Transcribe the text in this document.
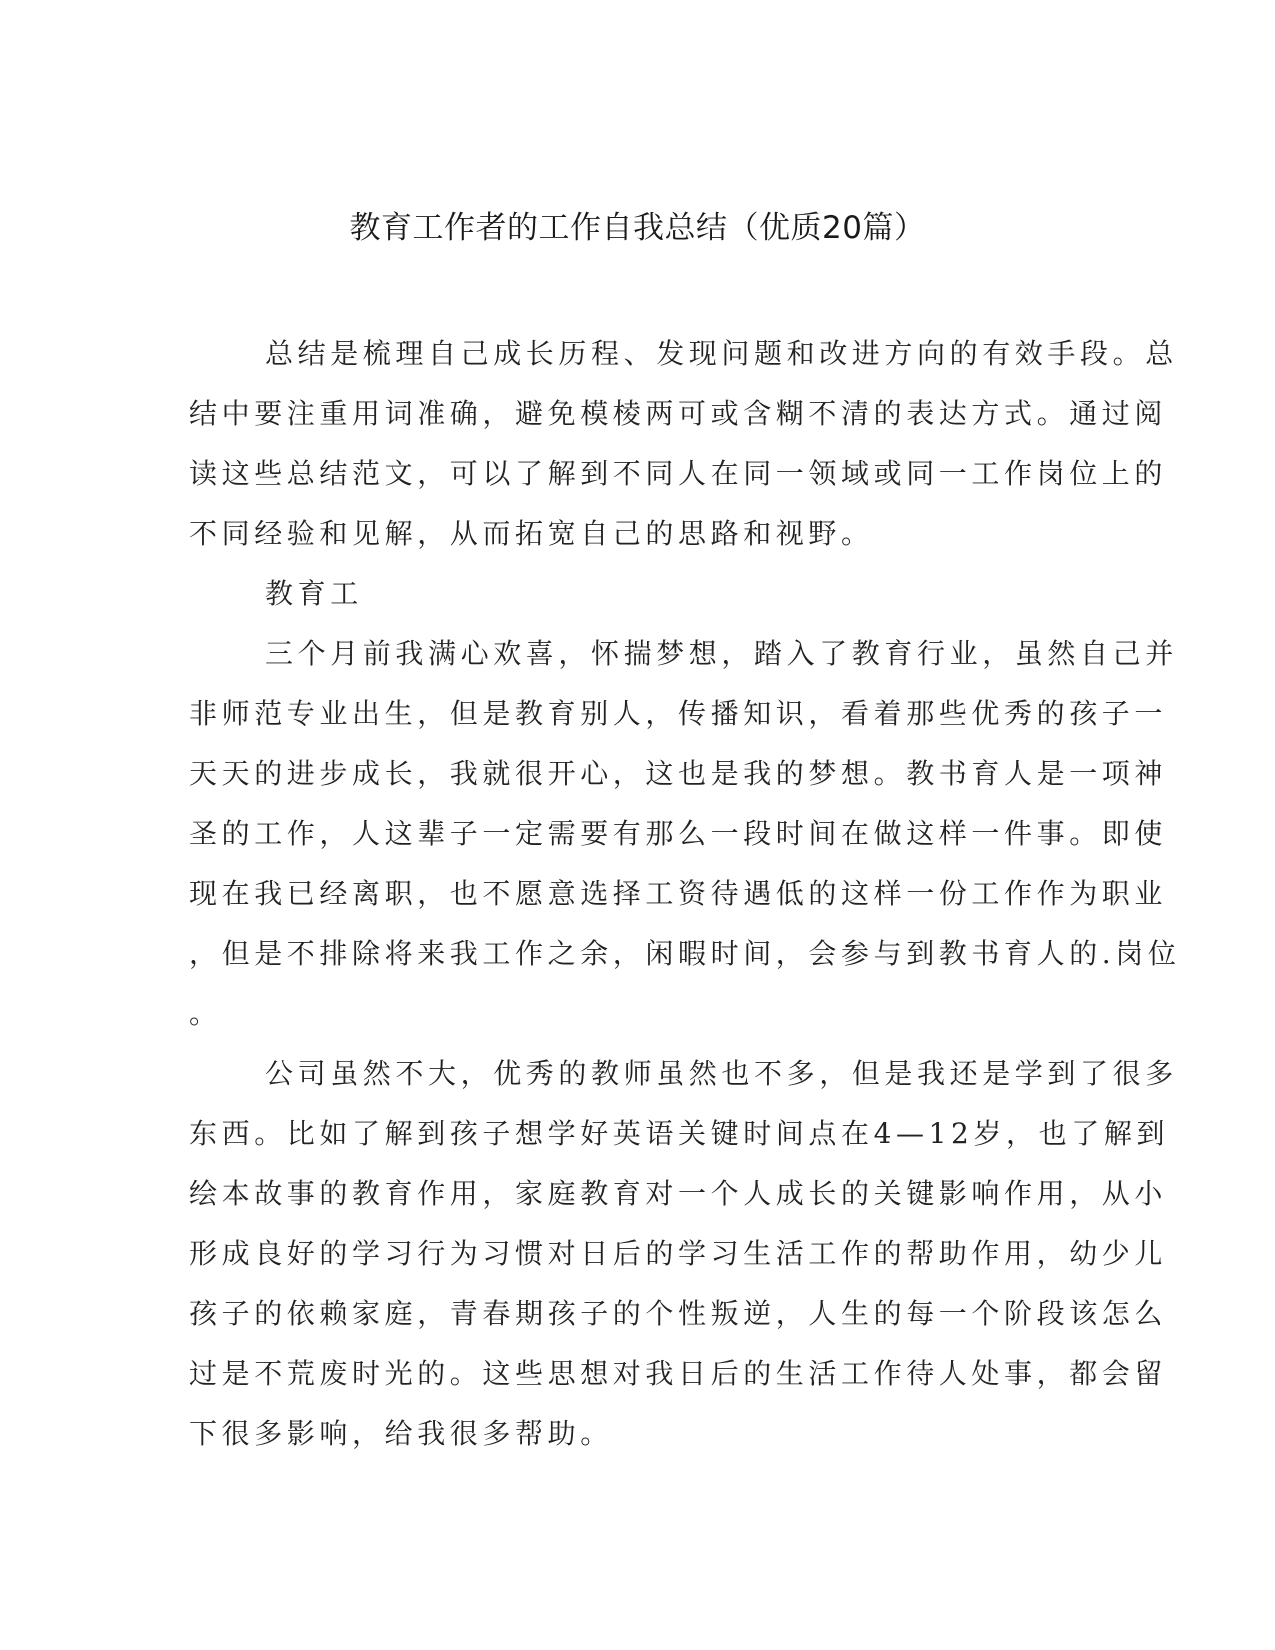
教育工作者的工作自我总结（优质20篇）
总结是梳理自己成长历程、发现问题和改进方向的有效手段。总
结中要注重用词准确，避免模棱两可或含糊不清的表达方式。通过阅
读这些总结范文，可以了解到不同人在同一领域或同一工作岗位上的
不同经验和见解，从而拓宽自己的思路和视野。
教育工
三个月前我满心欢喜，怀揣梦想，踏入了教育行业，虽然自己并
非师范专业出生，但是教育别人，传播知识，看着那些优秀的孩子一
天天的进步成长，我就很开心，这也是我的梦想。教书育人是一项神
圣的工作，人这辈子一定需要有那么一段时间在做这样一件事。即使
现在我已经离职，也不愿意选择工资待遇低的这样一份工作作为职业
，但是不排除将来我工作之余，闲暇时间，会参与到教书育人的.岗位
。
公司虽然不大，优秀的教师虽然也不多，但是我还是学到了很多
东西。比如了解到孩子想学好英语关键时间点在4—12岁，也了解到
绘本故事的教育作用，家庭教育对一个人成长的关键影响作用，从小
形成良好的学习行为习惯对日后的学习生活工作的帮助作用，幼少儿
孩子的依赖家庭，青春期孩子的个性叛逆，人生的每一个阶段该怎么
过是不荒废时光的。这些思想对我日后的生活工作待人处事，都会留
下很多影响，给我很多帮助。
